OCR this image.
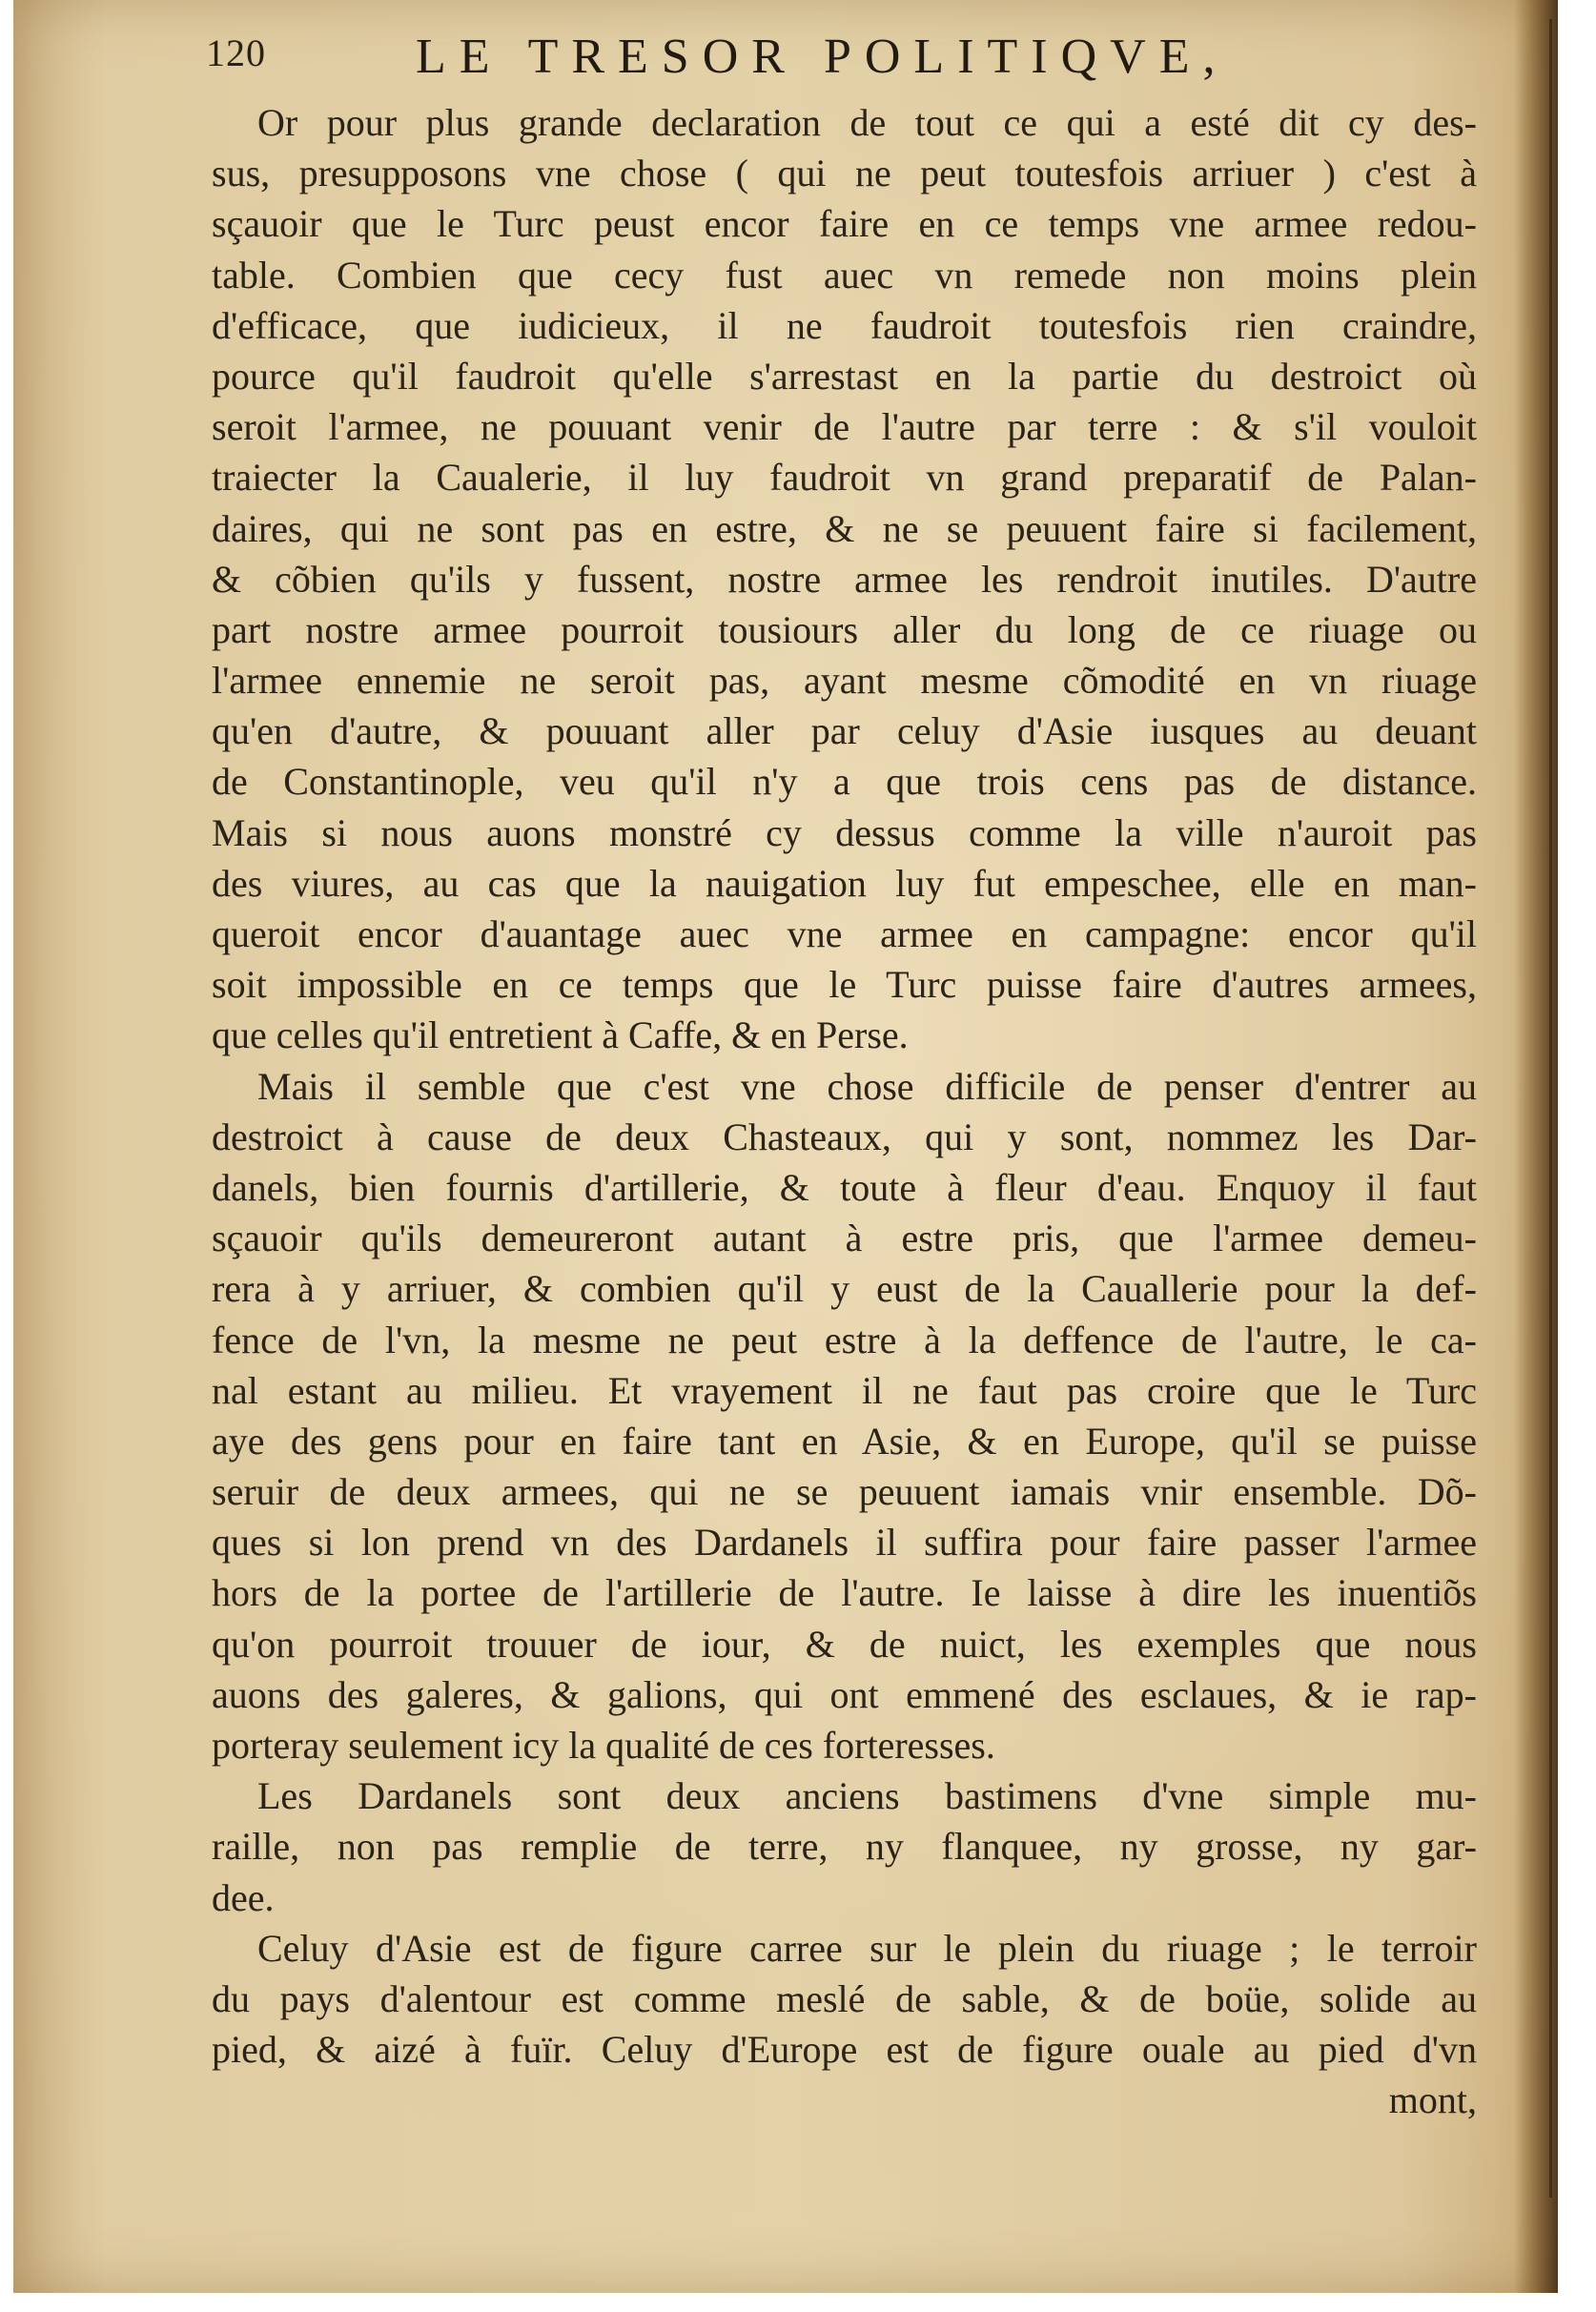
120	LE TRESOR POLITIQVE,
Or pour plus grande declaration de tout ce qui a esté dit cy des-
sus, presupposons vne chose ( qui ne peut toutesfois arriuer ) c'est à
sçauoir que le Turc peust encor faire en ce temps vne armee redou-
table. Combien que cecy fust auec vn remede non moins plein
d'efficace, que iudicieux, il ne faudroit toutesfois rien craindre,
pource qu'il faudroit qu'elle s'arrestast en la partie du destroict où
seroit l'armee, ne pouuant venir de l'autre par terre : & s'il vouloit
traiecter la Caualerie, il luy faudroit vn grand preparatif de Palan-
daires, qui ne sont pas en estre, & ne se peuuent faire si facilement,
& cõbien qu'ils y fussent, nostre armee les rendroit inutiles. D'autre
part nostre armee pourroit tousiours aller du long de ce riuage ou
l'armee ennemie ne seroit pas, ayant mesme cõmodité en vn riuage
qu'en d'autre, & pouuant aller par celuy d'Asie iusques au deuant
de Constantinople, veu qu'il n'y a que trois cens pas de distance.
Mais si nous auons monstré cy dessus comme la ville n'auroit pas
des viures, au cas que la nauigation luy fut empeschee, elle en man-
queroit encor d'auantage auec vne armee en campagne: encor qu'il
soit impossible en ce temps que le Turc puisse faire d'autres armees,
que celles qu'il entretient à Caffe, & en Perse.
Mais il semble que c'est vne chose difficile de penser d'entrer au
destroict à cause de deux Chasteaux, qui y sont, nommez les Dar-
danels, bien fournis d'artillerie, & toute à fleur d'eau. Enquoy il faut
sçauoir qu'ils demeureront autant à estre pris, que l'armee demeu-
rera à y arriuer, & combien qu'il y eust de la Cauallerie pour la def-
fence de l'vn, la mesme ne peut estre à la deffence de l'autre, le ca-
nal estant au milieu. Et vrayement il ne faut pas croire que le Turc
aye des gens pour en faire tant en Asie, & en Europe, qu'il se puisse
seruir de deux armees, qui ne se peuuent iamais vnir ensemble. Dõ-
ques si lon prend vn des Dardanels il suffira pour faire passer l'armee
hors de la portee de l'artillerie de l'autre. Ie laisse à dire les inuentiõs
qu'on pourroit trouuer de iour, & de nuict, les exemples que nous
auons des galeres, & galions, qui ont emmené des esclaues, & ie rap-
porteray seulement icy la qualité de ces forteresses.
Les Dardanels sont deux anciens bastimens d'vne simple mu-
raille, non pas remplie de terre, ny flanquee, ny grosse, ny gar-
dee.
Celuy d'Asie est de figure carree sur le plein du riuage ; le terroir
du pays d'alentour est comme meslé de sable, & de boüe, solide au
pied, & aizé à fuïr. Celuy d'Europe est de figure ouale au pied d'vn
mont,
